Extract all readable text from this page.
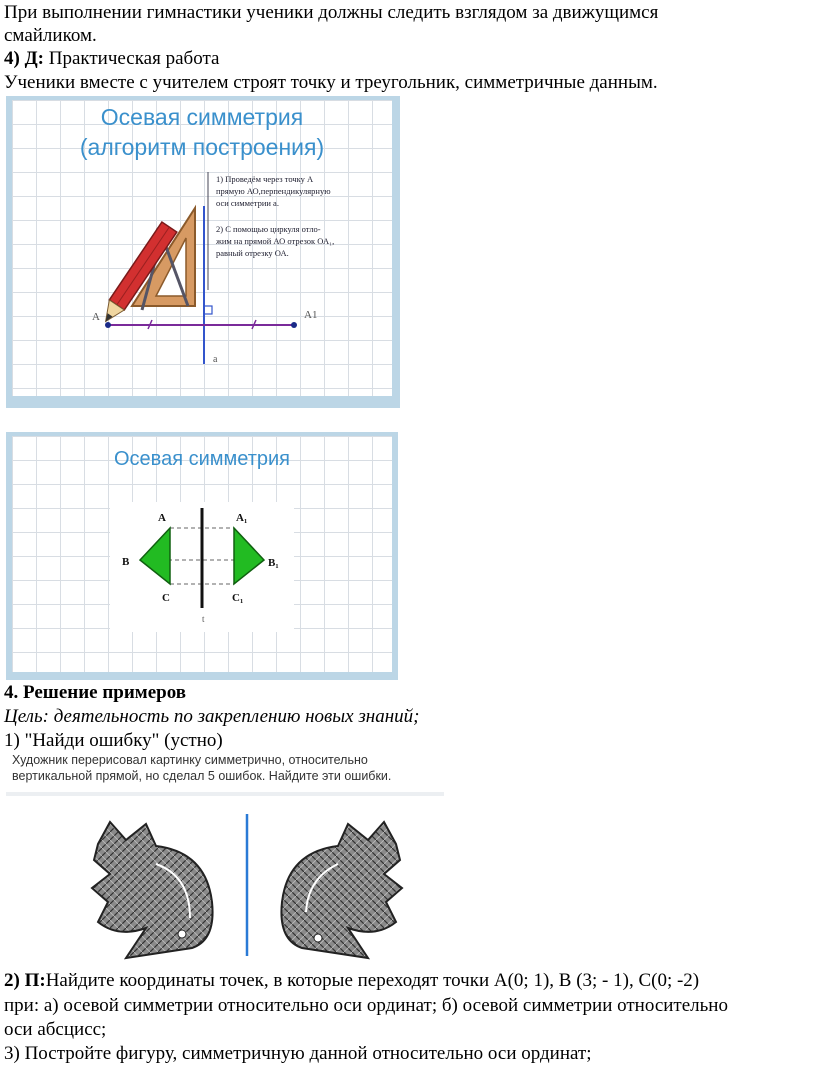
При выполнении гимнастики ученики должны следить взглядом за движущимся
смайликом.
4) Д: Практическая работа
Ученики вместе с учителем строят точку и треугольник, симметричные данным.
Осевая симметрия
(алгоритм построения)
A	A1
a
1) Проведём через точку А
прямую АО,перпендикулярную
оси симметрии а.
2) С помощью циркуля отло-
жим на прямой АО отрезок ОА₁,
равный отрезку ОА.
Осевая симметрия
A	A₁
B	B₁
C	C₁
t
4. Решение примеров
Цель: деятельность по закреплению новых знаний;
1) "Найди ошибку" (устно)
Художник перерисовал картинку симметрично, относительно
вертикальной прямой, но сделал 5 ошибок. Найдите эти ошибки.
2) П:Найдите координаты точек, в которые переходят точки А(0; 1), В (3; - 1), С(0; -2)
при: а) осевой симметрии относительно оси ординат; б) осевой симметрии относительно
оси абсцисс;
3) Постройте фигуру, симметричную данной относительно оси ординат;
